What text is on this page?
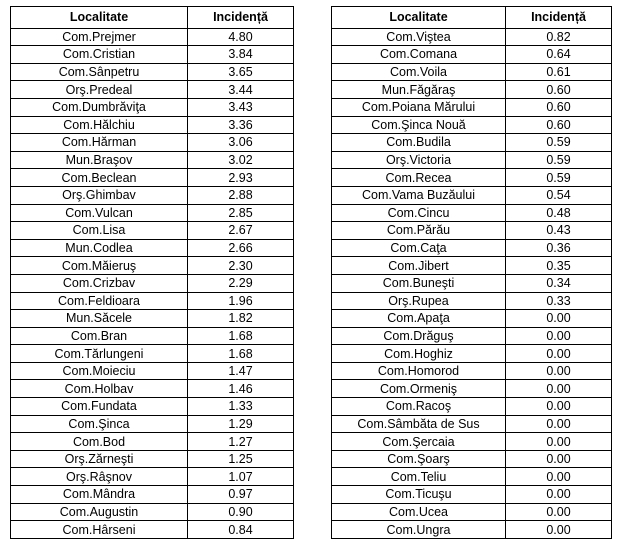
Localitate	Incidență
Com.Prejmer	4.80
Com.Cristian	3.84
Com.Sânpetru	3.65
Orş.Predeal	3.44
Com.Dumbrăviţa	3.43
Com.Hălchiu	3.36
Com.Hărman	3.06
Mun.Braşov	3.02
Com.Beclean	2.93
Orş.Ghimbav	2.88
Com.Vulcan	2.85
Com.Lisa	2.67
Mun.Codlea	2.66
Com.Măieruş	2.30
Com.Crizbav	2.29
Com.Feldioara	1.96
Mun.Săcele	1.82
Com.Bran	1.68
Com.Tărlungeni	1.68
Com.Moieciu	1.47
Com.Holbav	1.46
Com.Fundata	1.33
Com.Şinca	1.29
Com.Bod	1.27
Orş.Zărneşti	1.25
Orş.Râşnov	1.07
Com.Mândra	0.97
Com.Augustin	0.90
Com.Hârseni	0.84
Localitate	Incidență
Com.Viştea	0.82
Com.Comana	0.64
Com.Voila	0.61
Mun.Făgăraş	0.60
Com.Poiana Mărului	0.60
Com.Şinca Nouă	0.60
Com.Budila	0.59
Orş.Victoria	0.59
Com.Recea	0.59
Com.Vama Buzăului	0.54
Com.Cincu	0.48
Com.Părău	0.43
Com.Caţa	0.36
Com.Jibert	0.35
Com.Buneşti	0.34
Orş.Rupea	0.33
Com.Apaţa	0.00
Com.Drăguş	0.00
Com.Hoghiz	0.00
Com.Homorod	0.00
Com.Ormeniş	0.00
Com.Racoş	0.00
Com.Sâmbăta de Sus	0.00
Com.Şercaia	0.00
Com.Şoarş	0.00
Com.Teliu	0.00
Com.Ticuşu	0.00
Com.Ucea	0.00
Com.Ungra	0.00
